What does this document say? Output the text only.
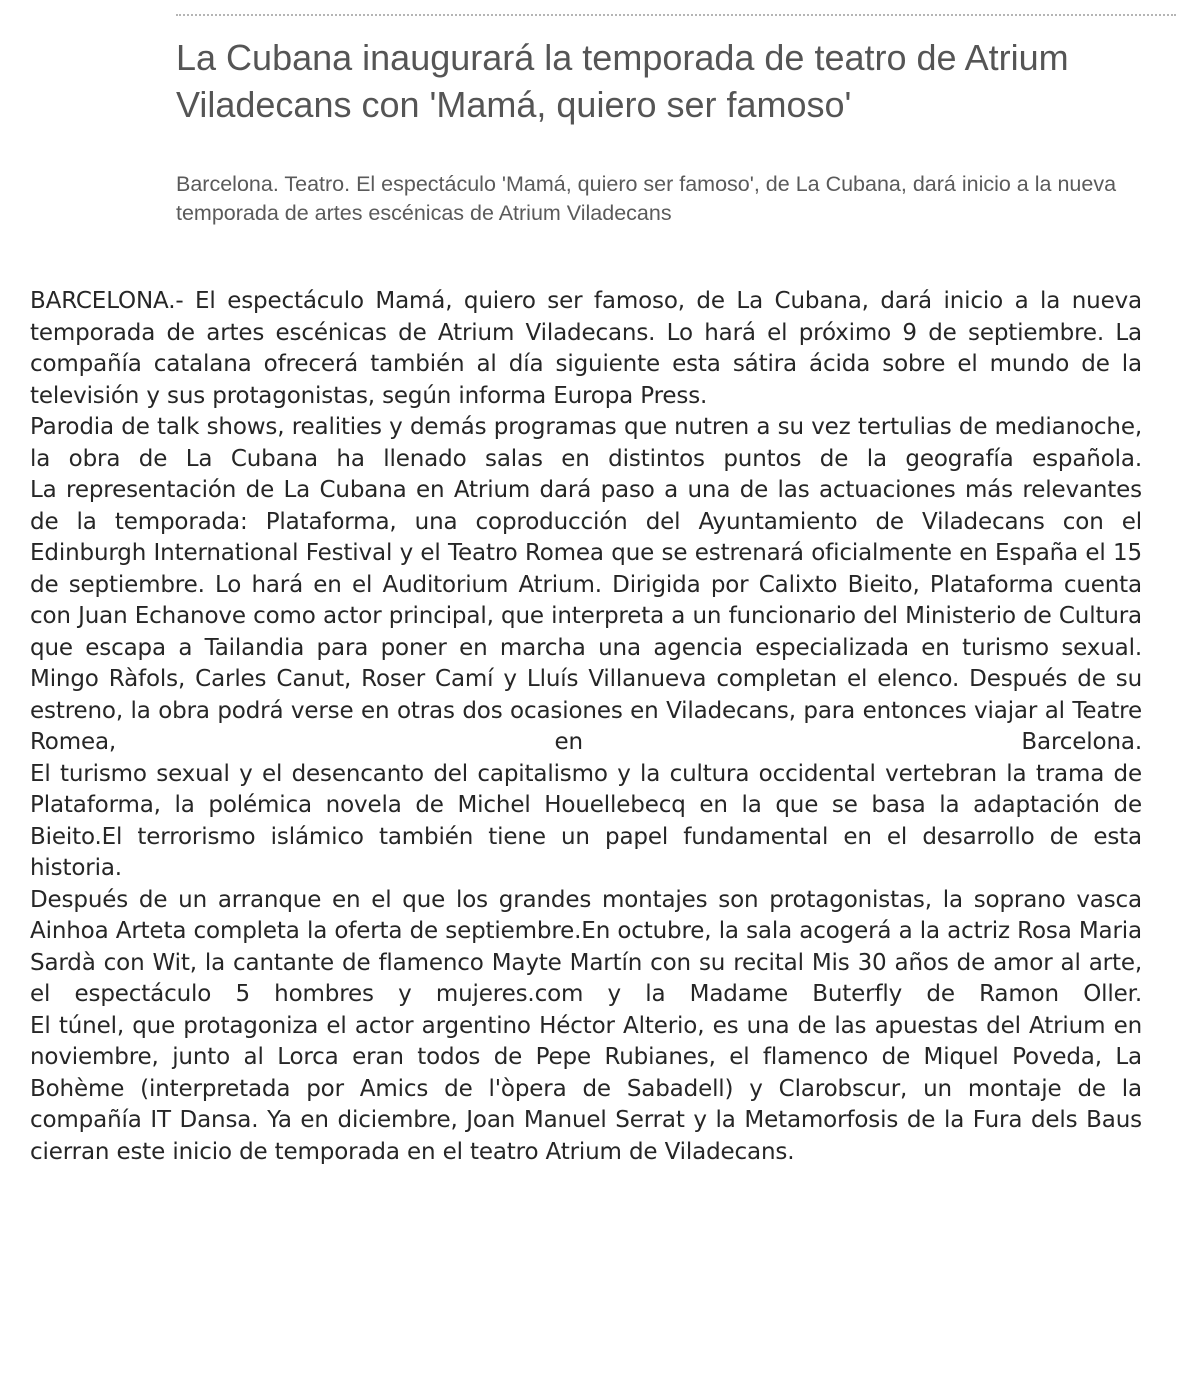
La Cubana inaugurará la temporada de teatro de Atrium Viladecans con 'Mamá, quiero ser famoso'

Barcelona. Teatro. El espectáculo 'Mamá, quiero ser famoso', de La Cubana, dará inicio a la nueva temporada de artes escénicas de Atrium Viladecans

BARCELONA.- El espectáculo Mamá, quiero ser famoso, de La Cubana, dará inicio a la nueva temporada de artes escénicas de Atrium Viladecans. Lo hará el próximo 9 de septiembre. La compañía catalana ofrecerá también al día siguiente esta sátira ácida sobre el mundo de la televisión y sus protagonistas, según informa Europa Press.

Parodia de talk shows, realities y demás programas que nutren a su vez tertulias de medianoche, la obra de La Cubana ha llenado salas en distintos puntos de la geografía española.

La representación de La Cubana en Atrium dará paso a una de las actuaciones más relevantes de la temporada: Plataforma, una coproducción del Ayuntamiento de Viladecans con el Edinburgh International Festival y el Teatro Romea que se estrenará oficialmente en España el 15 de septiembre. Lo hará en el Auditorium Atrium. Dirigida por Calixto Bieito, Plataforma cuenta con Juan Echanove como actor principal, que interpreta a un funcionario del Ministerio de Cultura que escapa a Tailandia para poner en marcha una agencia especializada en turismo sexual. Mingo Ràfols, Carles Canut, Roser Camí y Lluís Villanueva completan el elenco. Después de su estreno, la obra podrá verse en otras dos ocasiones en Viladecans, para entonces viajar al Teatre Romea, en Barcelona.

El turismo sexual y el desencanto del capitalismo y la cultura occidental vertebran la trama de Plataforma, la polémica novela de Michel Houellebecq en la que se basa la adaptación de Bieito.El terrorismo islámico también tiene un papel fundamental en el desarrollo de esta historia.

Después de un arranque en el que los grandes montajes son protagonistas, la soprano vasca Ainhoa Arteta completa la oferta de septiembre.En octubre, la sala acogerá a la actriz Rosa Maria Sardà con Wit, la cantante de flamenco Mayte Martín con su recital Mis 30 años de amor al arte, el espectáculo 5 hombres y mujeres.com y la Madame Buterfly de Ramon Oller.

El túnel, que protagoniza el actor argentino Héctor Alterio, es una de las apuestas del Atrium en noviembre, junto al Lorca eran todos de Pepe Rubianes, el flamenco de Miquel Poveda, La Bohème (interpretada por Amics de l'òpera de Sabadell) y Clarobscur, un montaje de la compañía IT Dansa. Ya en diciembre, Joan Manuel Serrat y la Metamorfosis de la Fura dels Baus cierran este inicio de temporada en el teatro Atrium de Viladecans.
